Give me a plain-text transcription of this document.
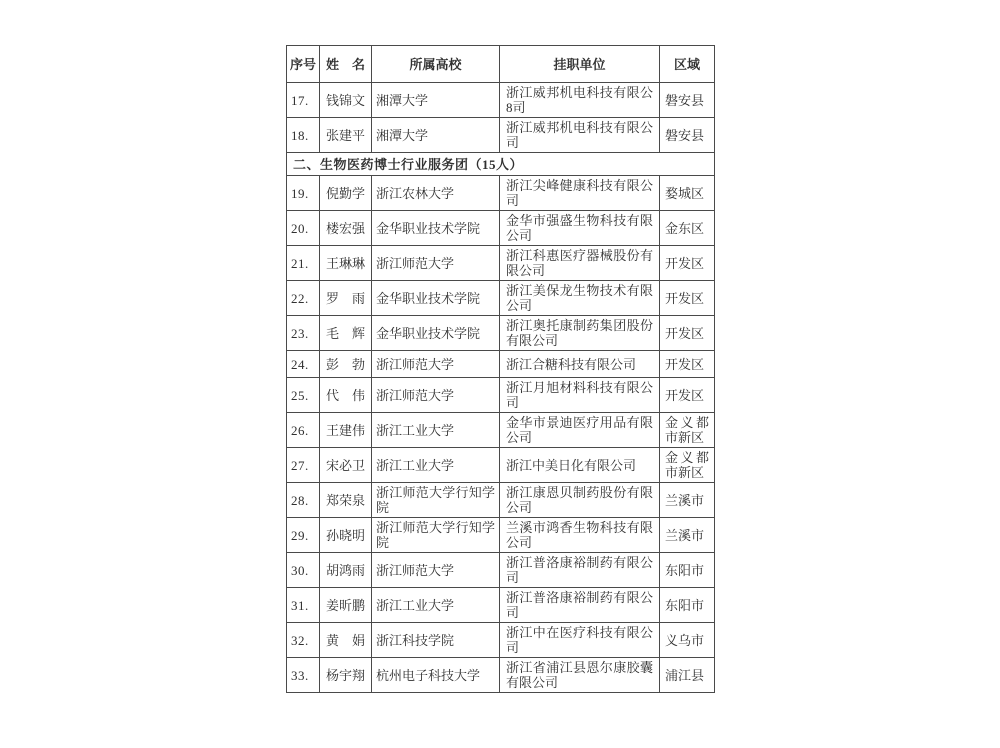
序号	姓　名	所属高校	挂职单位	区域
17.	钱锦文	湘潭大学	浙江威邦机电科技有限公8司	磐安县
18.	张建平	湘潭大学	浙江威邦机电科技有限公司	磐安县
二、生物医药博士行业服务团（15人）				
19.	倪勤学	浙江农林大学	浙江尖峰健康科技有限公司	婺城区
20.	楼宏强	金华职业技术学院	金华市强盛生物科技有限公司	金东区
21.	王琳琳	浙江师范大学	浙江科惠医疗器械股份有限公司	开发区
22.	罗　雨	金华职业技术学院	浙江美保龙生物技术有限公司	开发区
23.	毛　辉	金华职业技术学院	浙江奥托康制药集团股份有限公司	开发区
24.	彭　勃	浙江师范大学	浙江合糖科技有限公司	开发区
25.	代　伟	浙江师范大学	浙江月旭材料科技有限公司	开发区
26.	王建伟	浙江工业大学	金华市景迪医疗用品有限公司	金义都市新区
27.	宋必卫	浙江工业大学	浙江中美日化有限公司	金义都市新区
28.	郑荣泉	浙江师范大学行知学院	浙江康恩贝制药股份有限公司	兰溪市
29.	孙晓明	浙江师范大学行知学院	兰溪市鸿香生物科技有限公司	兰溪市
30.	胡鸿雨	浙江师范大学	浙江普洛康裕制药有限公司	东阳市
31.	姜昕鹏	浙江工业大学	浙江普洛康裕制药有限公司	东阳市
32.	黄　娟	浙江科技学院	浙江中在医疗科技有限公司	义乌市
33.	杨宇翔	杭州电子科技大学	浙江省浦江县恩尔康胶囊有限公司	浦江县
